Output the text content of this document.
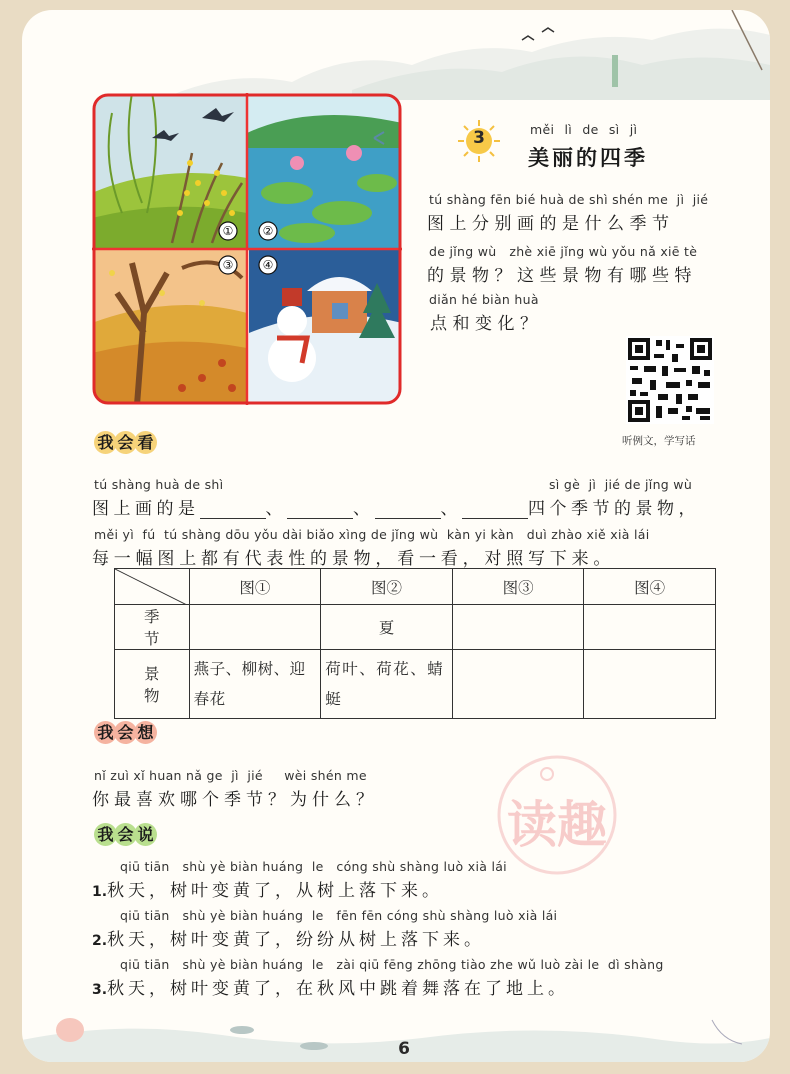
① ②
③ ④
3	měi lì de sì jì
美丽的四季
tú shàng fēn bié huà de shì shén me  jì  jié
图上分别画的是什么季节
de jǐng wù   zhè xiē jǐng wù yǒu nǎ xiē tè
的景物？这些景物有哪些特
diǎn hé biàn huà
点和变化？
听例文，学写话
我 会 看
tú shàng huà de shì	sì gè  jì  jié de jǐng wù
图上画的是	、	、	、	四个季节的景物，
měi yì  fú  tú shàng dōu yǒu dài biǎo xìng de jǐng wù  kàn yi kàn   duì zhào xiě xià lái
每一幅图上都有代表性的景物，看一看，对照写下来。
	图①	图②	图③	图④
季节		夏		
景物	燕子、柳树、迎春花	荷叶、荷花、蜻蜓		
我 会 想
nǐ zuì xǐ huan nǎ ge  jì  jié     wèi shén me
你最喜欢哪个季节？为什么？	读趣
我 会 说
qiū tiān   shù yè biàn huáng  le   cóng shù shàng luò xià lái
1.秋天，树叶变黄了，从树上落下来。
qiū tiān   shù yè biàn huáng  le   fēn fēn cóng shù shàng luò xià lái
2.秋天，树叶变黄了，纷纷从树上落下来。
qiū tiān   shù yè biàn huáng  le   zài qiū fēng zhōng tiào zhe wǔ luò zài le  dì shàng
3.秋天，树叶变黄了，在秋风中跳着舞落在了地上。
6
